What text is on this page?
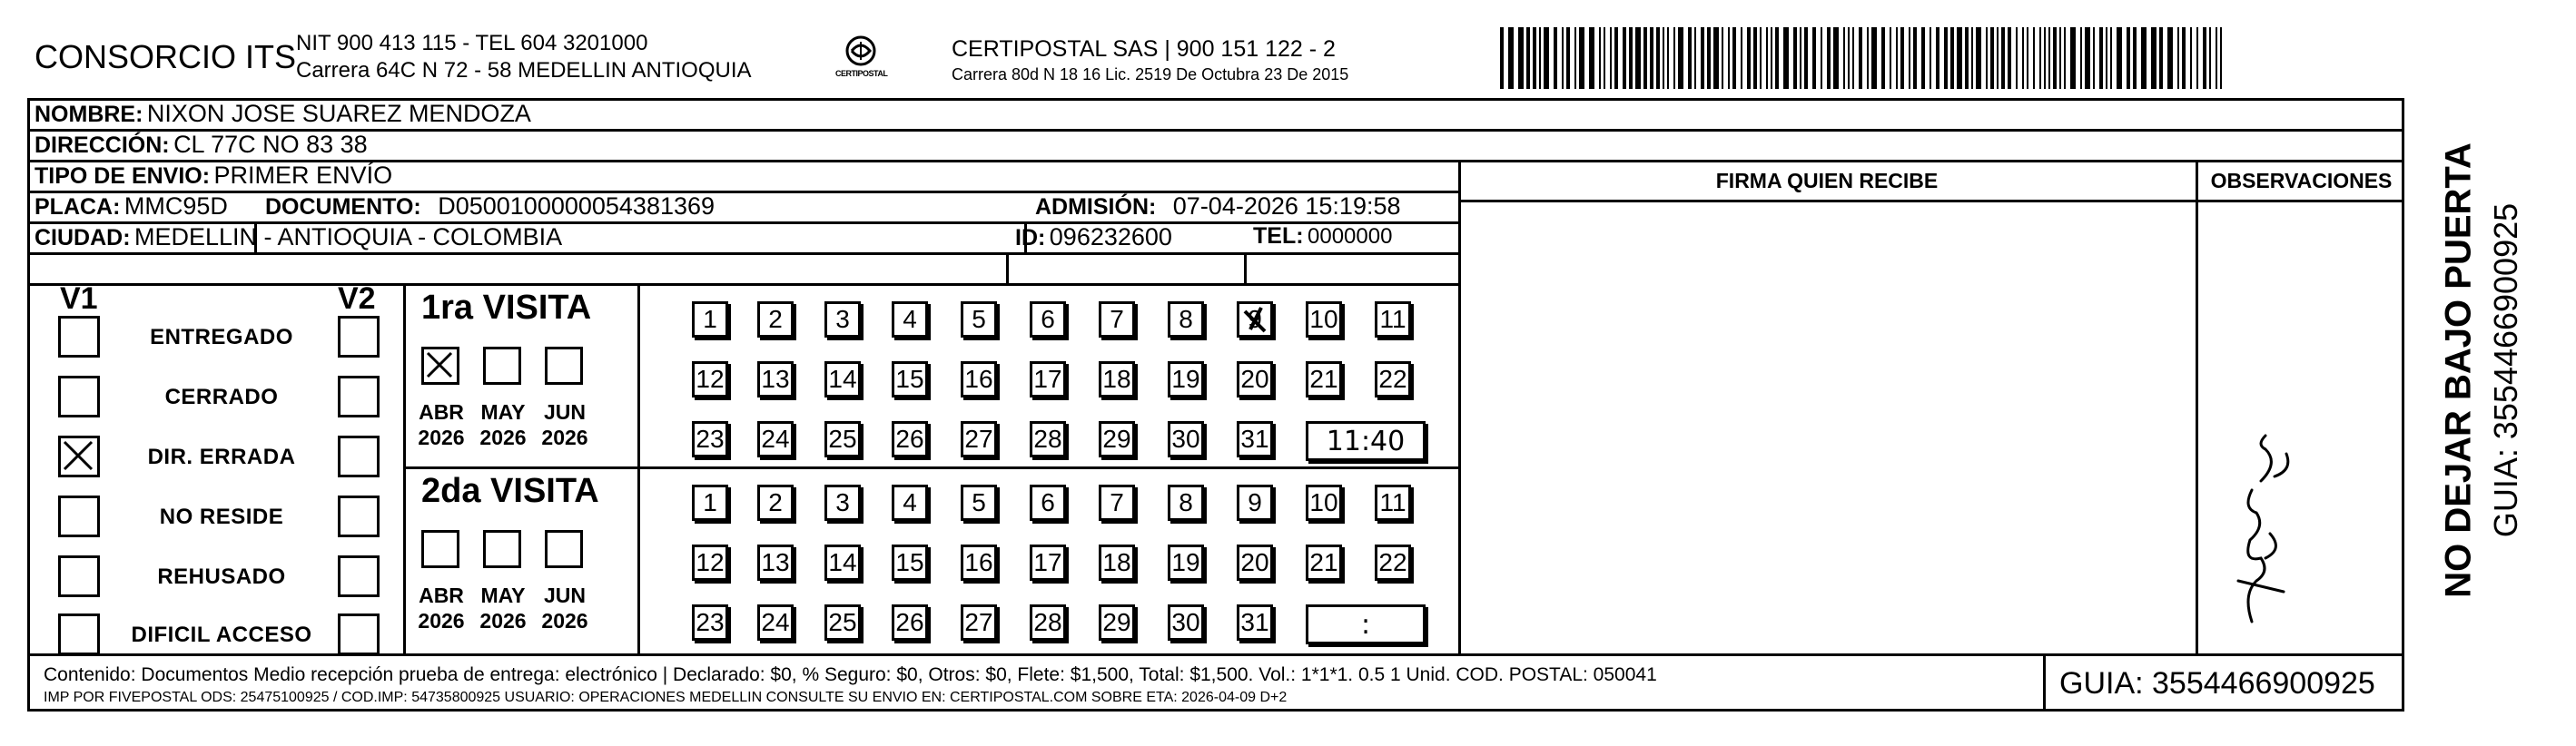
CONSORCIO ITS NIT 900 413 115 - TEL 604 3201000
Carrera 64C N 72 - 58 MEDELLIN ANTIOQUIA	CERTIPOSTAL
CERTIPOSTAL SAS | 900 151 122 - 2
Carrera 80d N 18 16 Lic. 2519 De Octubra 23 De 2015
NOMBRE: NIXON JOSE SUAREZ MENDOZA
DIRECCIÓN: CL 77C NO 83 38
TIPO DE ENVIO: PRIMER ENVÍO
PLACA: MMC95D DOCUMENTO: D0500100000054381369	ADMISIÓN: 07-04-2026 15:19:58
CIUDAD: MEDELLIN - ANTIOQUIA - COLOMBIA	ID: 096232600	TEL: 0000000
FIRMA QUIEN RECIBE	OBSERVACIONES
V1	V2
ENTREGADO
CERRADO
DIR. ERRADA
NO RESIDE
REHUSADO
DIFICIL ACCESO
1ra VISITA
ABR
2026
MAY
2026
JUN
2026
1 2 3 4 5 6 7 8 9 10 11
12 13 14 15 16 17 18 19 20 21 22
23 24 25 26 27 28 29 30 31 11:40
2da VISITA
ABR
2026
MAY
2026
JUN
2026
1 2 3 4 5 6 7 8 9 10 11
12 13 14 15 16 17 18 19 20 21 22
23 24 25 26 27 28 29 30 31	:
Contenido: Documentos Medio recepción prueba de entrega: electrónico | Declarado: $0, % Seguro: $0, Otros: $0, Flete: $1,500, Total: $1,500. Vol.: 1*1*1. 0.5 1 Unid. COD. POSTAL: 050041
IMP POR FIVEPOSTAL ODS: 25475100925 / COD.IMP: 54735800925 USUARIO: OPERACIONES MEDELLIN CONSULTE SU ENVIO EN: CERTIPOSTAL.COM SOBRE ETA: 2026-04-09 D+2	GUIA: 3554466900925
NO DEJAR BAJO PUERTA GUIA: 3554466900925
